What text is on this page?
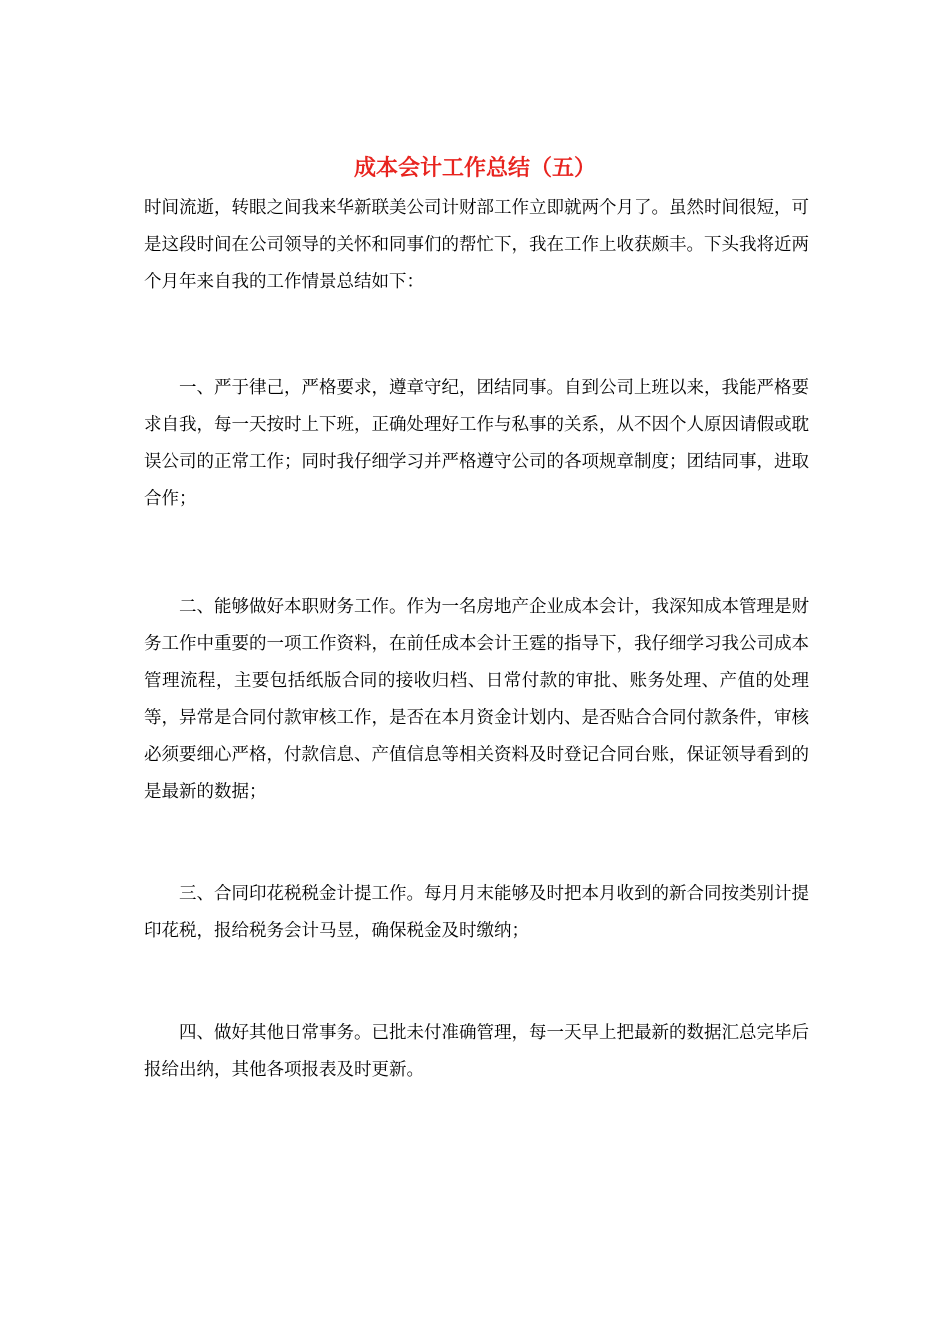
成本会计工作总结（五）

时间流逝，转眼之间我来华新联美公司计财部工作立即就两个月了。虽然时间很短，可是这段时间在公司领导的关怀和同事们的帮忙下，我在工作上收获颇丰。下头我将近两个月年来自我的工作情景总结如下：

一、严于律己，严格要求，遵章守纪，团结同事。自到公司上班以来，我能严格要求自我，每一天按时上下班，正确处理好工作与私事的关系，从不因个人原因请假或耽误公司的正常工作；同时我仔细学习并严格遵守公司的各项规章制度；团结同事，进取合作；

二、能够做好本职财务工作。作为一名房地产企业成本会计，我深知成本管理是财务工作中重要的一项工作资料，在前任成本会计王霆的指导下，我仔细学习我公司成本管理流程，主要包括纸版合同的接收归档、日常付款的审批、账务处理、产值的处理等，异常是合同付款审核工作，是否在本月资金计划内、是否贴合合同付款条件，审核必须要细心严格，付款信息、产值信息等相关资料及时登记合同台账，保证领导看到的是最新的数据；

三、合同印花税税金计提工作。每月月末能够及时把本月收到的新合同按类别计提印花税，报给税务会计马昱，确保税金及时缴纳；

四、做好其他日常事务。已批未付准确管理，每一天早上把最新的数据汇总完毕后报给出纳，其他各项报表及时更新。
